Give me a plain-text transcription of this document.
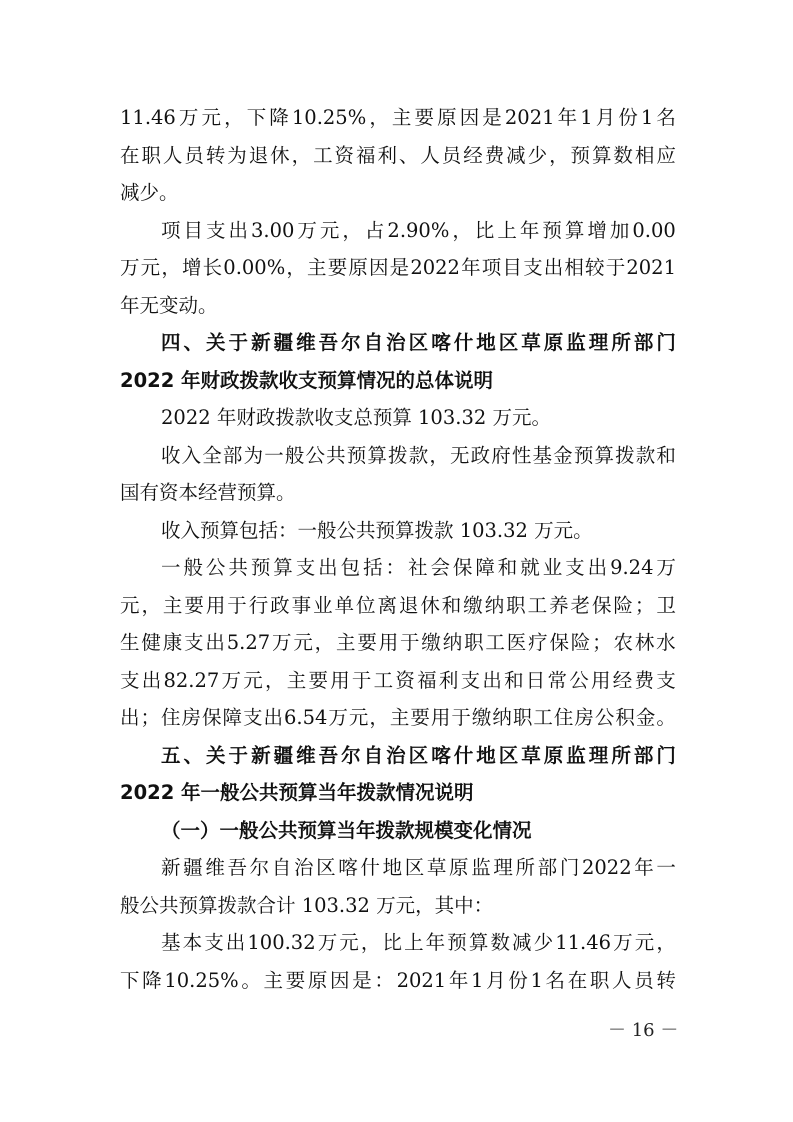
11.46 万 元 ， 下 降 10.25% ， 主 要 原 因 是 2021 年 1 月 份 1 名
在 职 人 员 转 为 退 休 ， 工 资 福 利 、 人 员 经 费 减 少 ， 预 算 数 相 应
减少。
项 目 支 出 3.00 万 元 ， 占 2.90% ， 比 上 年 预 算 增 加 0.00
万 元 ， 增 长 0.00% ， 主 要 原 因 是 2022 年 项 目 支 出 相 较 于 2021
年无变动。
四 、 关 于 新 疆 维 吾 尔 自 治 区 喀 什 地 区 草 原 监 理 所 部 门
2022 年财政拨款收支预算情况的总体说明
2022 年财政拨款收支总预算 103.32 万元。
收 入 全 部 为 一 般 公 共 预 算 拨 款 ， 无 政 府 性 基 金 预 算 拨 款 和
国有资本经营预算。
收入预算包括：一般公共预算拨款 103.32 万元。
一 般 公 共 预 算 支 出 包 括 ： 社 会 保 障 和 就 业 支 出 9.24 万
元 ， 主 要 用 于 行 政 事 业 单 位 离 退 休 和 缴 纳 职 工 养 老 保 险 ； 卫
生 健 康 支 出 5.27 万 元 ， 主 要 用 于 缴 纳 职 工 医 疗 保 险 ； 农 林 水
支 出 82.27 万 元 ， 主 要 用 于 工 资 福 利 支 出 和 日 常 公 用 经 费 支
出 ； 住 房 保 障 支 出 6.54 万 元 ， 主 要 用 于 缴 纳 职 工 住 房 公 积 金 。
五 、 关 于 新 疆 维 吾 尔 自 治 区 喀 什 地 区 草 原 监 理 所 部 门
2022 年一般公共预算当年拨款情况说明
（一）一般公共预算当年拨款规模变化情况
新 疆 维 吾 尔 自 治 区 喀 什 地 区 草 原 监 理 所 部 门 2022 年 一
般公共预算拨款合计 103.32 万元，其中：
基 本 支 出 100.32 万 元 ， 比 上 年 预 算 数 减 少 11.46 万 元 ，
下 降 10.25% 。 主 要 原 因 是 ： 2021 年 1 月 份 1 名 在 职 人 员 转
－ 16 －
